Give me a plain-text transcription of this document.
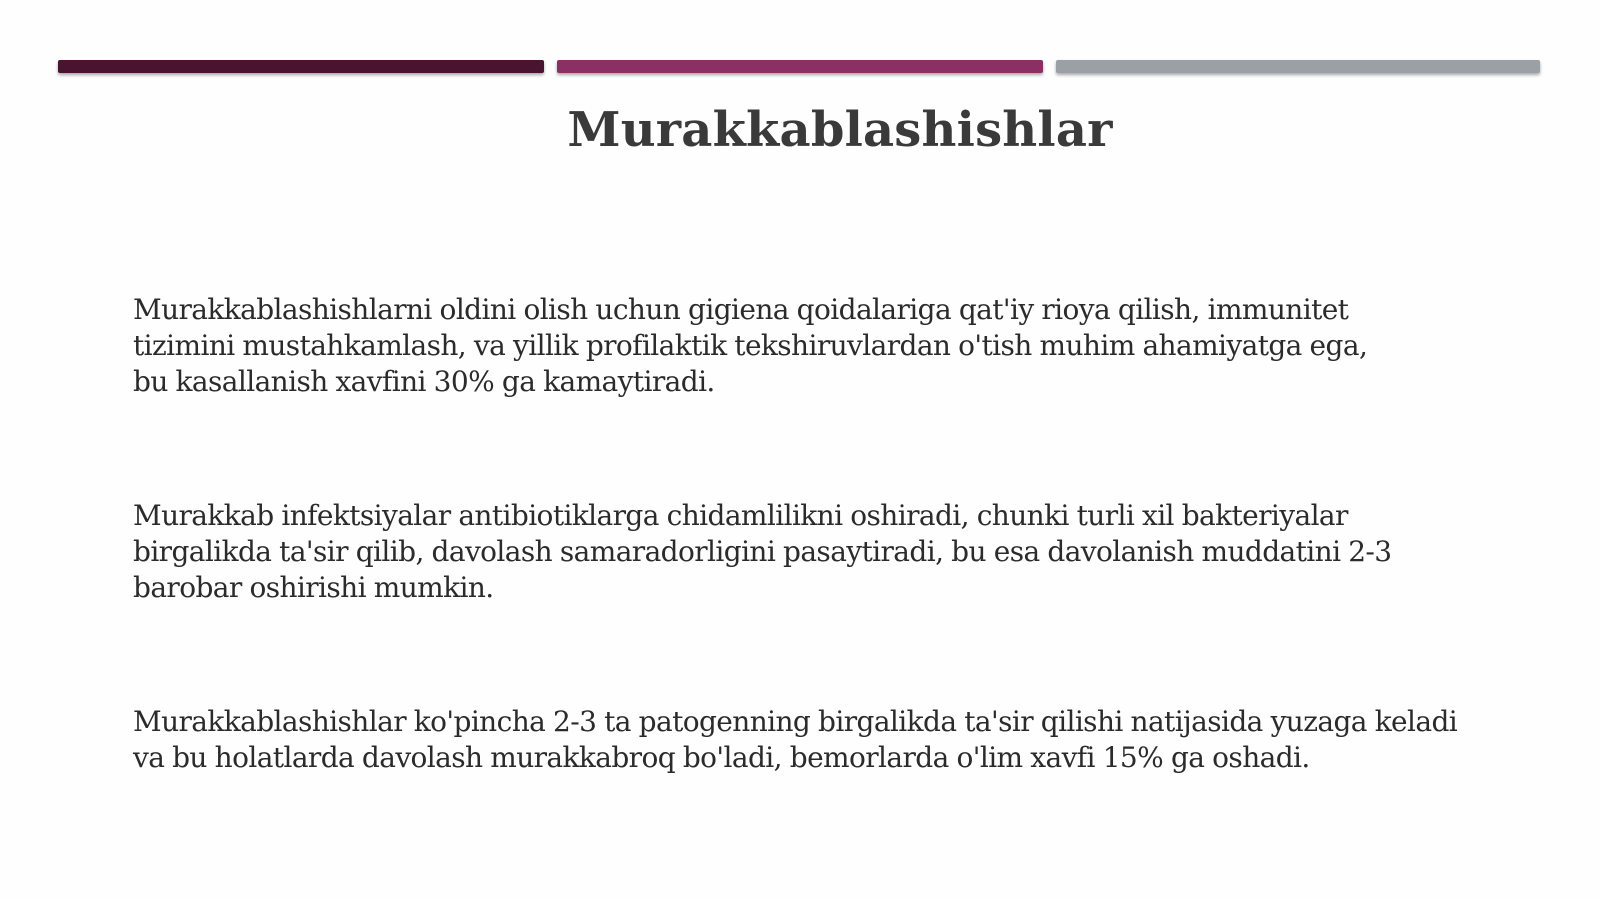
Murakkablashishlar
Murakkablashishlarni oldini olish uchun gigiena qoidalariga qat'iy rioya qilish, immunitet
tizimini mustahkamlash, va yillik profilaktik tekshiruvlardan o'tish muhim ahamiyatga ega,
bu kasallanish xavfini 30% ga kamaytiradi.
Murakkab infektsiyalar antibiotiklarga chidamlilikni oshiradi, chunki turli xil bakteriyalar
birgalikda ta'sir qilib, davolash samaradorligini pasaytiradi, bu esa davolanish muddatini 2-3
barobar oshirishi mumkin.
Murakkablashishlar ko'pincha 2-3 ta patogenning birgalikda ta'sir qilishi natijasida yuzaga keladi
va bu holatlarda davolash murakkabroq bo'ladi, bemorlarda o'lim xavfi 15% ga oshadi.
